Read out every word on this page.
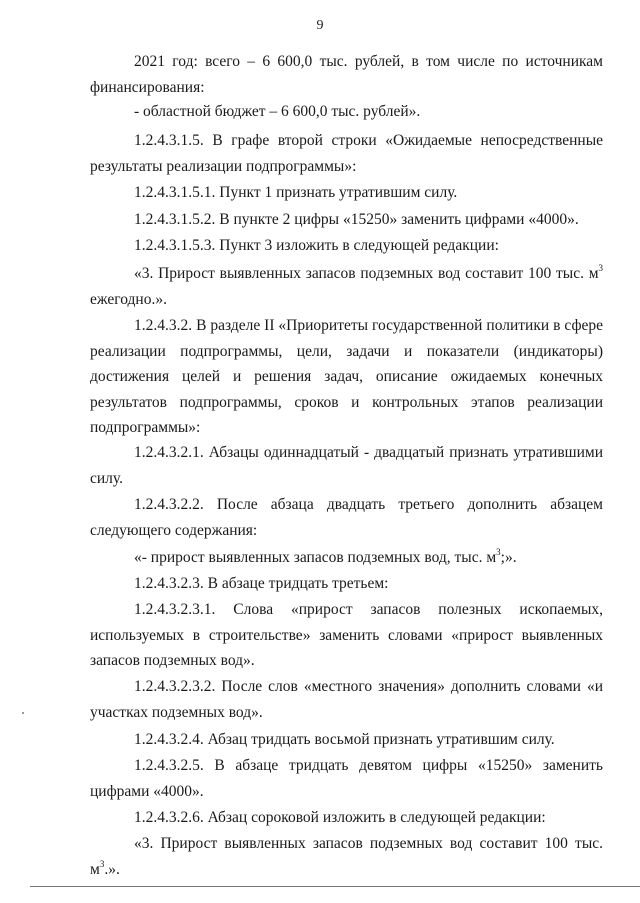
9

2021 год: всего – 6 600,0 тыс. рублей, в том числе по источникам финансирования:

- областной бюджет – 6 600,0 тыс. рублей».

1.2.4.3.1.5. В графе второй строки «Ожидаемые непосредственные результаты реализации подпрограммы»:

1.2.4.3.1.5.1. Пункт 1 признать утратившим силу.

1.2.4.3.1.5.2. В пункте 2 цифры «15250» заменить цифрами «4000».

1.2.4.3.1.5.3. Пункт 3 изложить в следующей редакции:

«3. Прирост выявленных запасов подземных вод составит 100 тыс. $м^3$ ежегодно.».

1.2.4.3.2. В разделе II «Приоритеты государственной политики в сфере реализации подпрограммы, цели, задачи и показатели (индикаторы) достижения целей и решения задач, описание ожидаемых конечных результатов подпрограммы, сроков и контрольных этапов реализации подпрограммы»:

1.2.4.3.2.1. Абзацы одиннадцатый - двадцатый признать утратившими силу.

1.2.4.3.2.2. После абзаца двадцать третьего дополнить абзацем следующего содержания:

«- прирост выявленных запасов подземных вод, тыс. $м^3$;».

1.2.4.3.2.3. В абзаце тридцать третьем:

1.2.4.3.2.3.1. Слова «прирост запасов полезных ископаемых, используемых в строительстве» заменить словами «прирост выявленных запасов подземных вод».

1.2.4.3.2.3.2. После слов «местного значения» дополнить словами «и участках подземных вод».

1.2.4.3.2.4. Абзац тридцать восьмой признать утратившим силу.

1.2.4.3.2.5. В абзаце тридцать девятом цифры «15250» заменить цифрами «4000».

1.2.4.3.2.6. Абзац сороковой изложить в следующей редакции:

«3. Прирост выявленных запасов подземных вод составит 100 тыс. $м^3$.».
